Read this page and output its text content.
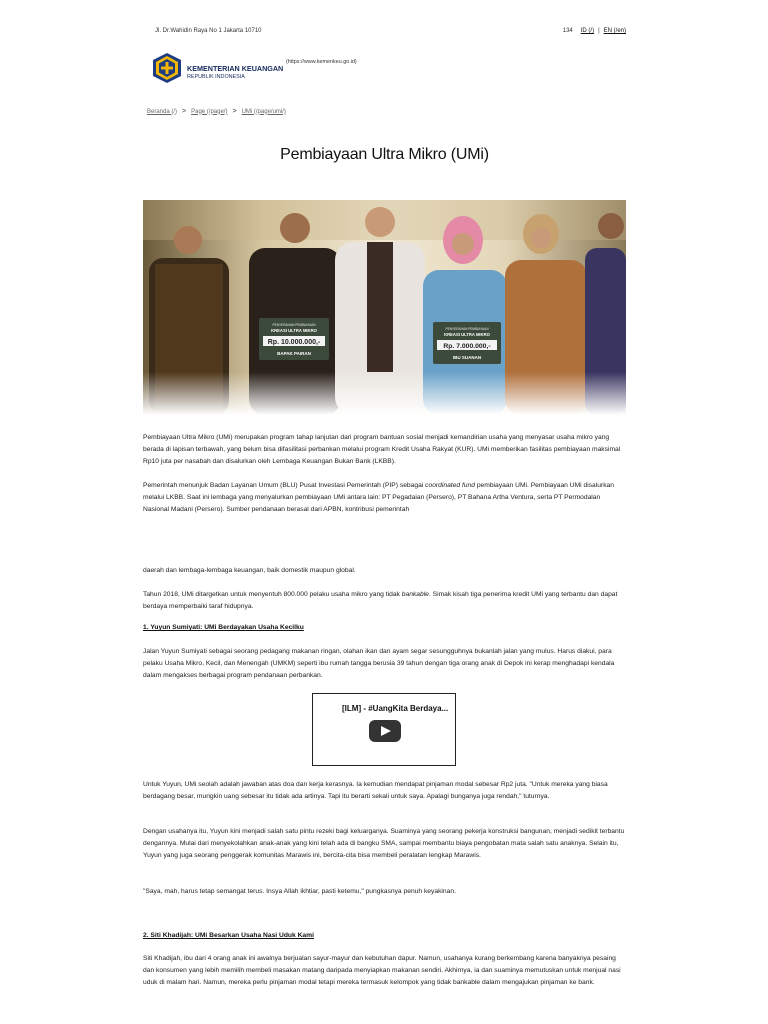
Jl. Dr.Wahidin Raya No 1 Jakarta 10710	134 ID (/) | EN (/en)
KEMENTERIAN KEUANGAN
REPUBLIK INDONESIA
(https://www.kemenkeu.go.id)
Beranda (/) > Page (/page/) > UMi (/page/umi/)
Pembiayaan Ultra Mikro (UMi)

Pembiayaan Ultra Mikro (UMi) merupakan program tahap lanjutan dari program bantuan sosial menjadi kemandirian usaha yang menyasar usaha mikro yang berada di lapisan terbawah, yang belum bisa difasilitasi perbankan melalui program Kredit Usaha Rakyat (KUR). UMi memberikan fasilitas pembiayaan maksimal Rp10 juta per nasabah dan disalurkan oleh Lembaga Keuangan Bukan Bank (LKBB).

Pemerintah menunjuk Badan Layanan Umum (BLU) Pusat Investasi Pemerintah (PIP) sebagai coordinated fund pembiayaan UMi. Pembiayaan UMi disalurkan melalui LKBB. Saat ini lembaga yang menyalurkan pembiayaan UMi antara lain: PT Pegadaian (Persero), PT Bahana Artha Ventura, serta PT Permodalan Nasional Madani (Persero). Sumber pendanaan berasal dari APBN, kontribusi pemerintah

daerah dan lembaga-lembaga keuangan, baik domestik maupun global.

Tahun 2018, UMi ditargetkan untuk menyentuh 800.000 pelaku usaha mikro yang tidak bankable. Simak kisah tiga penerima kredit UMi yang terbantu dan dapat berdaya memperbaiki taraf hidupnya.

1. Yuyun Sumiyati: UMi Berdayakan Usaha Kecilku

Jalan Yuyun Sumiyati sebagai seorang pedagang makanan ringan, olahan ikan dan ayam segar sesungguhnya bukanlah jalan yang mulus. Harus diakui, para pelaku Usaha Mikro, Kecil, dan Menengah (UMKM) seperti ibu rumah tangga berusia 39 tahun dengan tiga orang anak di Depok ini kerap menghadapi kendala dalam mengakses berbagai program pendanaan perbankan.

[ILM] - #UangKita Berdaya...

Untuk Yuyun, UMi seolah adalah jawaban atas doa dan kerja kerasnya. Ia kemudian mendapat pinjaman modal sebesar Rp2 juta. "Untuk mereka yang biasa berdagang besar, mungkin uang sebesar itu tidak ada artinya. Tapi itu berarti sekali untuk saya. Apalagi bunganya juga rendah," tuturnya.

Dengan usahanya itu, Yuyun kini menjadi salah satu pintu rezeki bagi keluarganya. Suaminya yang seorang pekerja konstruksi bangunan, menjadi sedikit terbantu dengannya. Mulai dari menyekolahkan anak-anak yang kini telah ada di bangku SMA, sampai membantu biaya pengobatan mata salah satu anaknya. Selain itu, Yuyun yang juga seorang penggerak komunitas Marawis ini, bercita-cita bisa membeli peralatan lengkap Marawis.

"Saya, mah, harus tetap semangat terus. Insya Allah ikhtiar, pasti ketemu," pungkasnya penuh keyakinan.

2. Siti Khadijah: UMi Besarkan Usaha Nasi Uduk Kami

Siti Khadijah, ibu dari 4 orang anak ini awalnya berjualan sayur-mayur dan kebutuhan dapur. Namun, usahanya kurang berkembang karena banyaknya pesaing dan konsumen yang lebih memilih membeli masakan matang daripada menyiapkan makanan sendiri. Akhirnya, ia dan suaminya memutuskan untuk menjual nasi uduk di malam hari. Namun, mereka perlu pinjaman modal tetapi mereka termasuk kelompok yang tidak bankable dalam mengajukan pinjaman ke bank.
